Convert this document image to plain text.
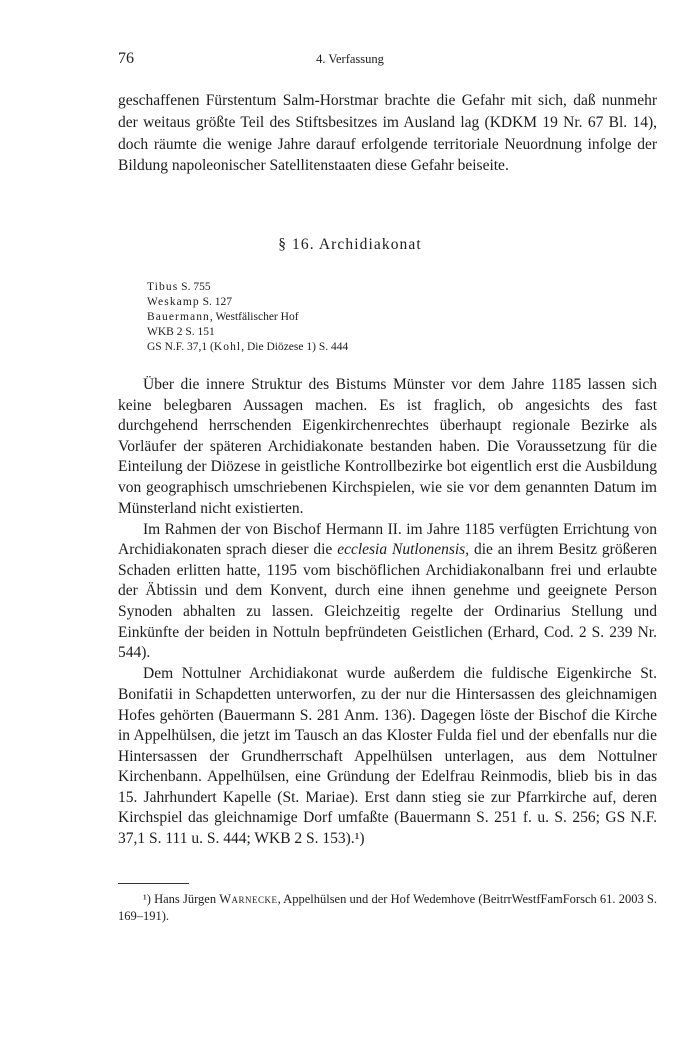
76	4. Verfassung

geschaffenen Fürstentum Salm-Horstmar brachte die Gefahr mit sich, daß nunmehr der weitaus größte Teil des Stiftsbesitzes im Ausland lag (KDKM 19 Nr. 67 Bl. 14), doch räumte die wenige Jahre darauf erfolgende territoriale Neuordnung infolge der Bildung napoleonischer Satellitenstaaten diese Gefahr beiseite.

§ 16. Archidiakonat
Tibus S. 755
Weskamp S. 127
Bauermann, Westfälischer Hof
WKB 2 S. 151
GS N.F. 37,1 (Kohl, Die Diözese 1) S. 444

Über die innere Struktur des Bistums Münster vor dem Jahre 1185 lassen sich keine belegbaren Aussagen machen. Es ist fraglich, ob angesichts des fast durchgehend herrschenden Eigenkirchenrechtes überhaupt regionale Bezirke als Vorläufer der späteren Archidiakonate bestanden haben. Die Voraussetzung für die Einteilung der Diözese in geistliche Kontrollbezirke bot eigentlich erst die Ausbildung von geographisch umschriebenen Kirchspielen, wie sie vor dem genannten Datum im Münsterland nicht existierten.

Im Rahmen der von Bischof Hermann II. im Jahre 1185 verfügten Errichtung von Archidiakonaten sprach dieser die ecclesia Nutlonensis, die an ihrem Besitz größeren Schaden erlitten hatte, 1195 vom bischöflichen Archidiakonalbann frei und erlaubte der Äbtissin und dem Konvent, durch eine ihnen genehme und geeignete Person Synoden abhalten zu lassen. Gleichzeitig regelte der Ordinarius Stellung und Einkünfte der beiden in Nottuln bepfründeten Geistlichen (Erhard, Cod. 2 S. 239 Nr. 544).

Dem Nottulner Archidiakonat wurde außerdem die fuldische Eigenkirche St. Bonifatii in Schapdetten unterworfen, zu der nur die Hintersassen des gleichnamigen Hofes gehörten (Bauermann S. 281 Anm. 136). Dagegen löste der Bischof die Kirche in Appelhülsen, die jetzt im Tausch an das Kloster Fulda fiel und der ebenfalls nur die Hintersassen der Grundherrschaft Appelhülsen unterlagen, aus dem Nottulner Kirchenbann. Appelhülsen, eine Gründung der Edelfrau Reinmodis, blieb bis in das 15. Jahrhundert Kapelle (St. Mariae). Erst dann stieg sie zur Pfarrkirche auf, deren Kirchspiel das gleichnamige Dorf umfaßte (Bauermann S. 251 f. u. S. 256; GS N.F. 37,1 S. 111 u. S. 444; WKB 2 S. 153).¹)

¹) Hans Jürgen Warnecke, Appelhülsen und der Hof Wedemhove (BeitrrWestfFamForsch 61. 2003 S. 169–191).
